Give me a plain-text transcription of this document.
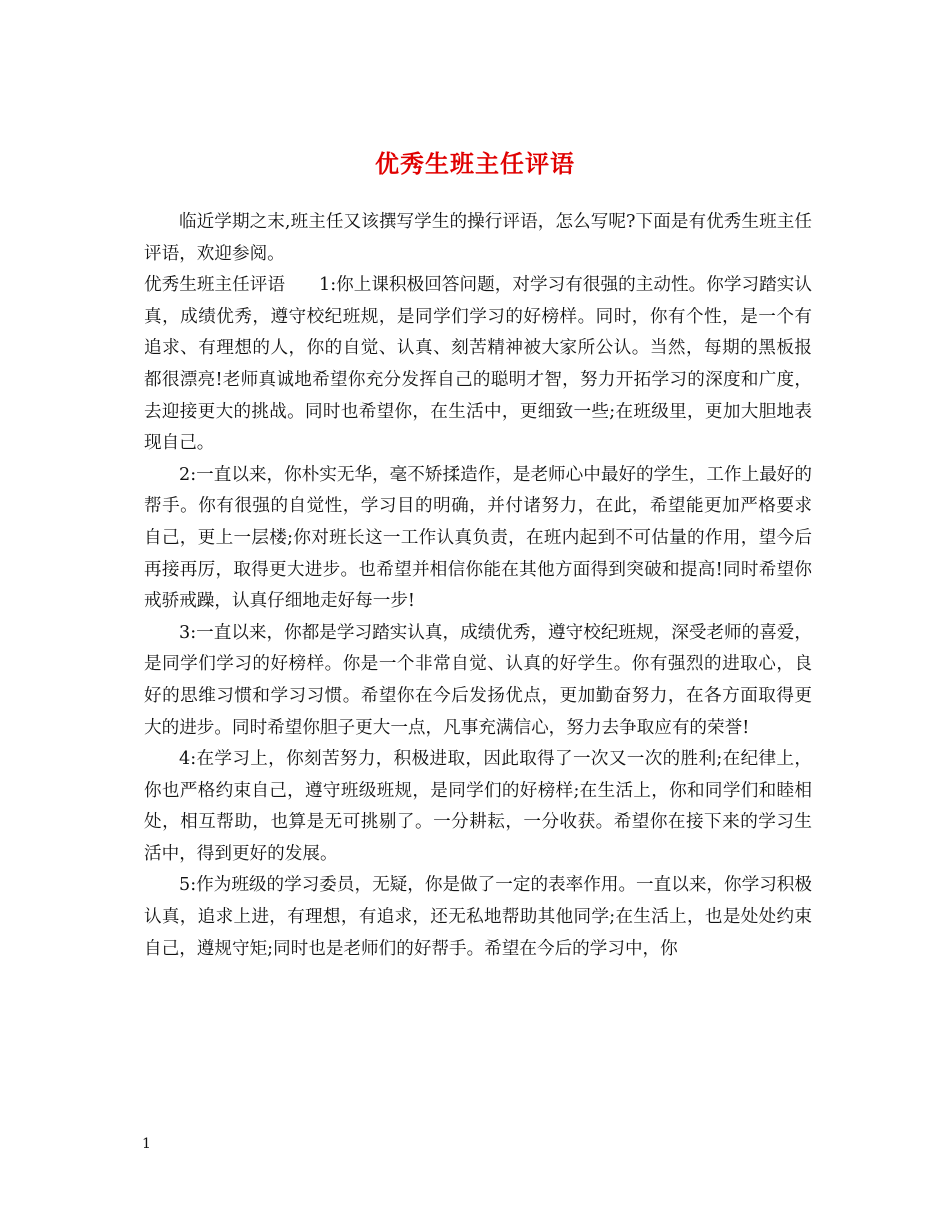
优秀生班主任评语

临近学期之末,班主任又该撰写学生的操行评语，怎么写呢?下面是有优秀生班主任评语，欢迎参阅。

优秀生班主任评语 1:你上课积极回答问题，对学习有很强的主动性。你学习踏实认真，成绩优秀，遵守校纪班规，是同学们学习的好榜样。同时，你有个性，是一个有追求、有理想的人，你的自觉、认真、刻苦精神被大家所公认。当然，每期的黑板报都很漂亮!老师真诚地希望你充分发挥自己的聪明才智，努力开拓学习的深度和广度，去迎接更大的挑战。同时也希望你，在生活中，更细致一些;在班级里，更加大胆地表现自己。

2:一直以来，你朴实无华，毫不矫揉造作，是老师心中最好的学生，工作上最好的帮手。你有很强的自觉性，学习目的明确，并付诸努力，在此，希望能更加严格要求自己，更上一层楼;你对班长这一工作认真负责，在班内起到不可估量的作用，望今后再接再厉，取得更大进步。也希望并相信你能在其他方面得到突破和提高!同时希望你戒骄戒躁，认真仔细地走好每一步!

3:一直以来，你都是学习踏实认真，成绩优秀，遵守校纪班规，深受老师的喜爱，是同学们学习的好榜样。你是一个非常自觉、认真的好学生。你有强烈的进取心，良好的思维习惯和学习习惯。希望你在今后发扬优点，更加勤奋努力，在各方面取得更大的进步。同时希望你胆子更大一点，凡事充满信心，努力去争取应有的荣誉!

4:在学习上，你刻苦努力，积极进取，因此取得了一次又一次的胜利;在纪律上，你也严格约束自己，遵守班级班规，是同学们的好榜样;在生活上，你和同学们和睦相处，相互帮助，也算是无可挑剔了。一分耕耘，一分收获。希望你在接下来的学习生活中，得到更好的发展。

5:作为班级的学习委员，无疑，你是做了一定的表率作用。一直以来，你学习积极认真，追求上进，有理想，有追求，还无私地帮助其他同学;在生活上，也是处处约束自己，遵规守矩;同时也是老师们的好帮手。希望在今后的学习中，你

1
